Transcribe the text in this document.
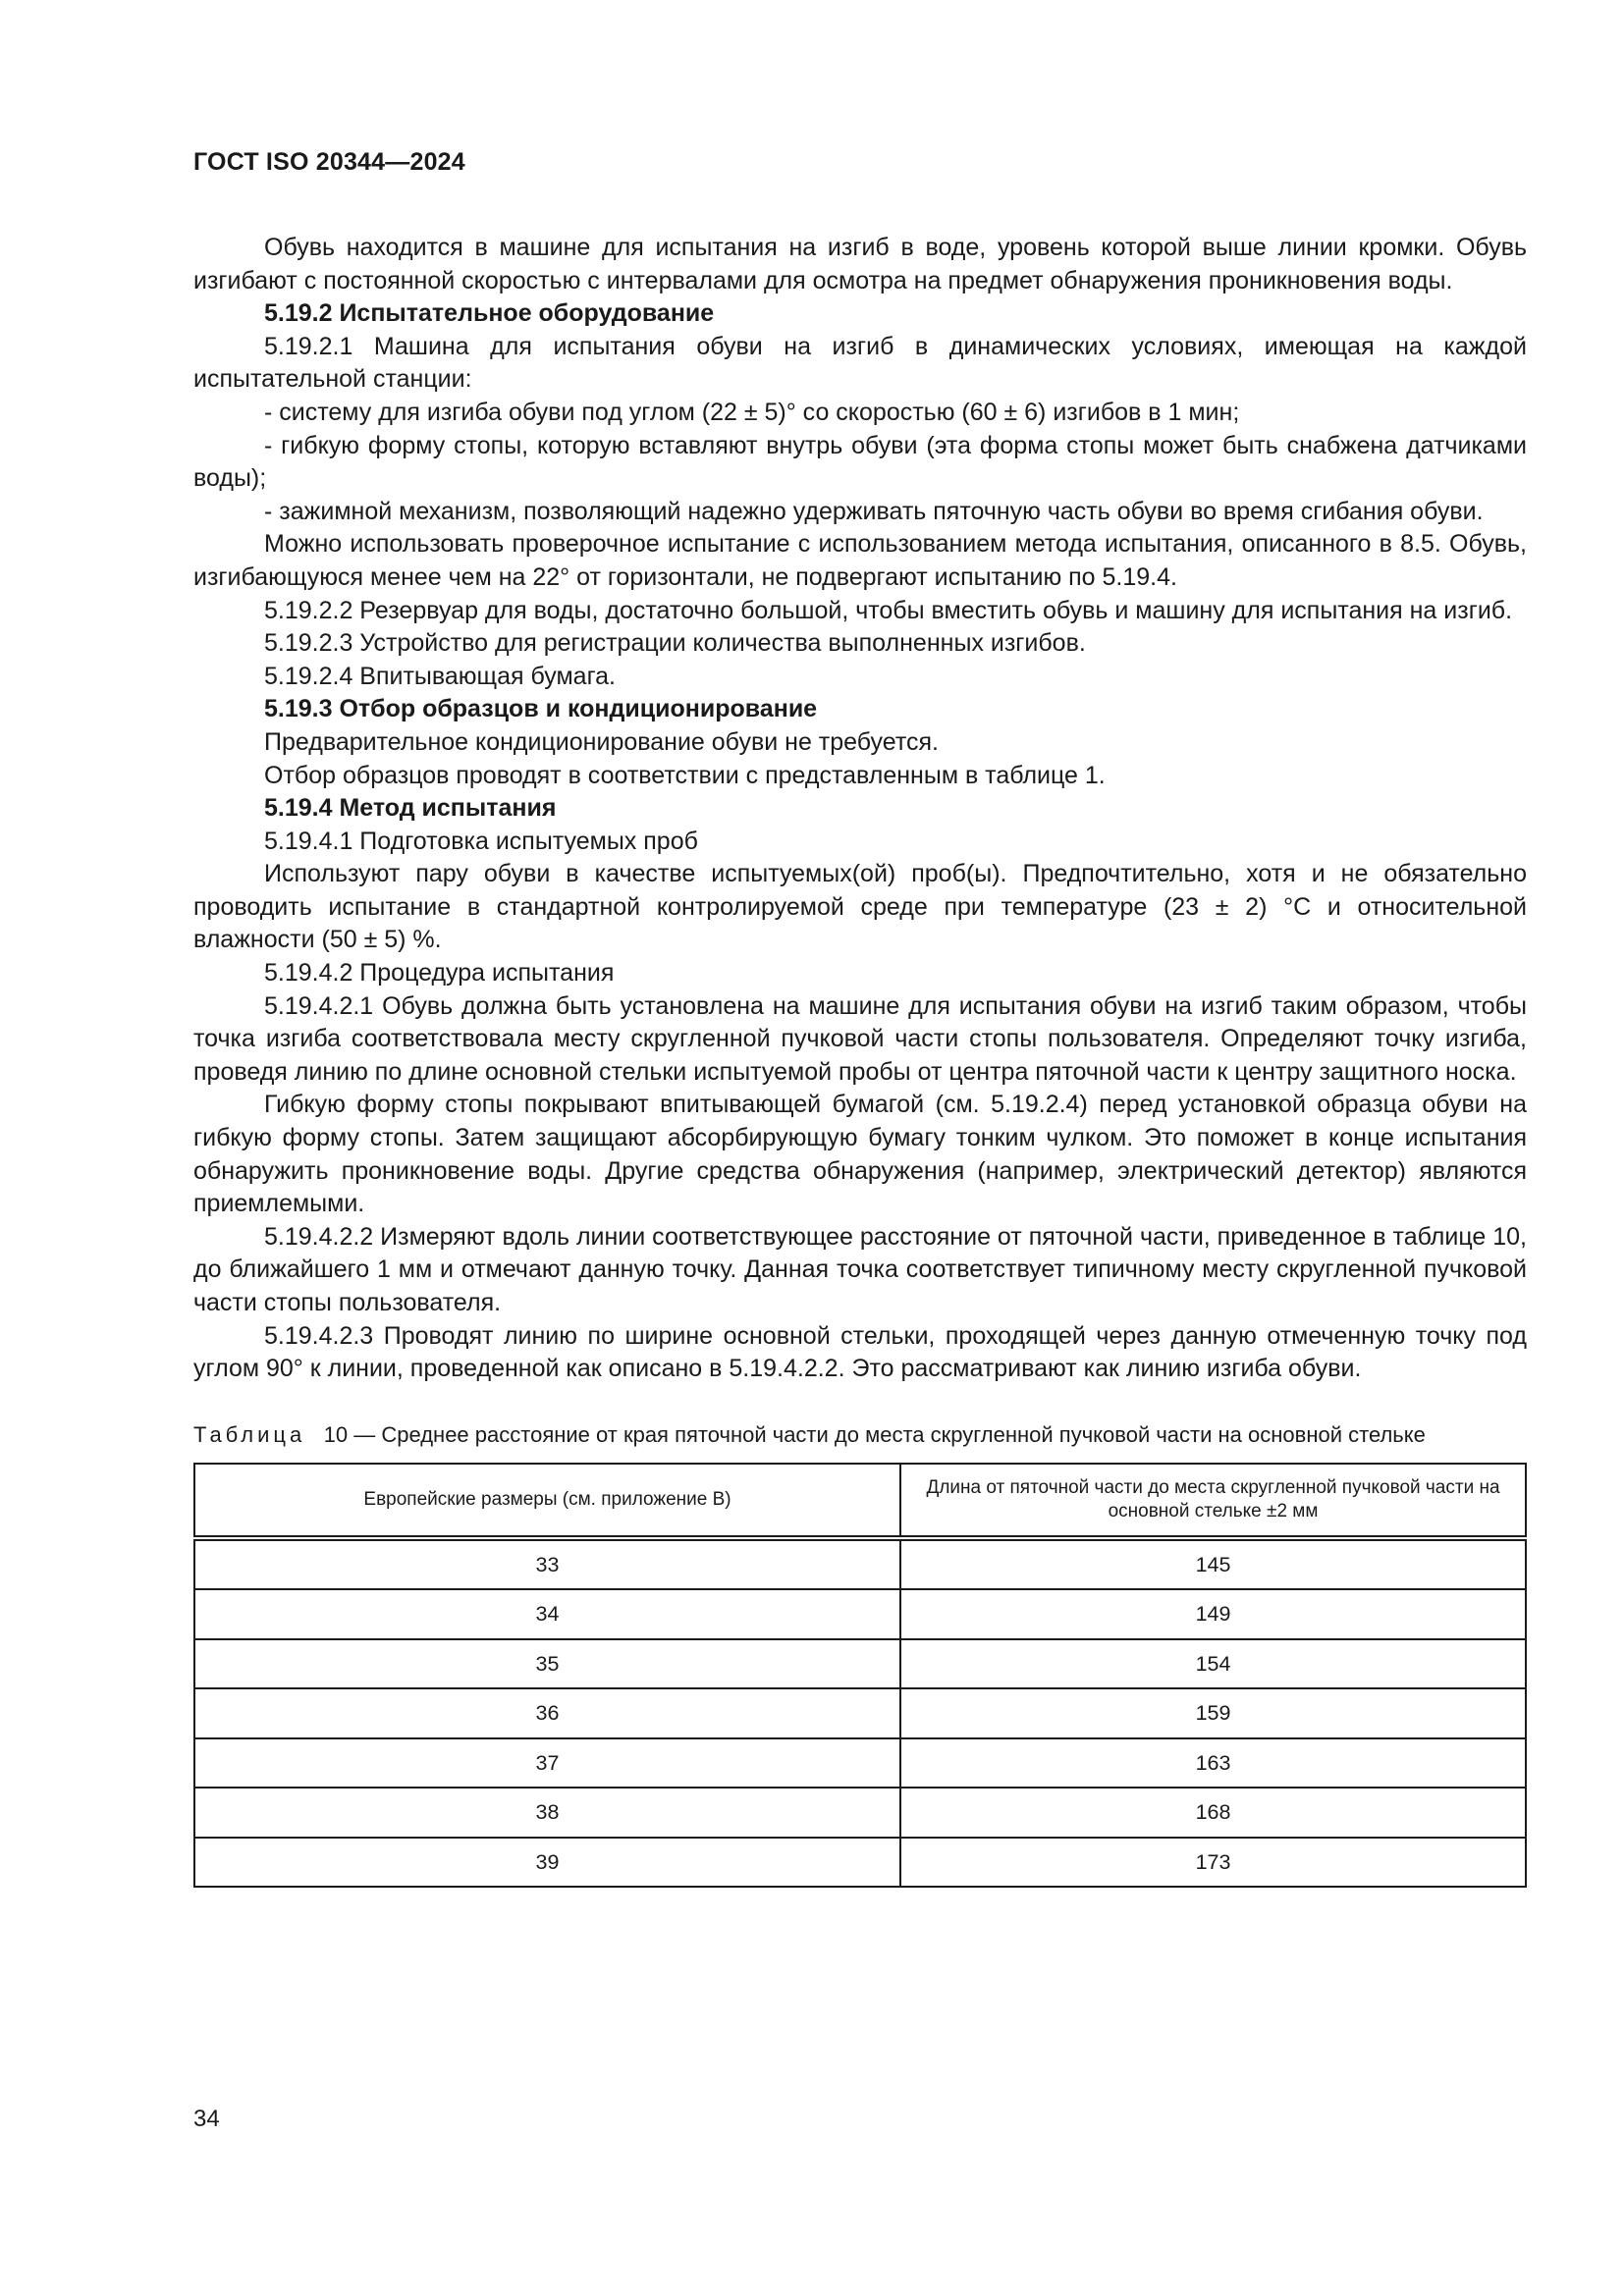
ГОСТ ISO 20344—2024

Обувь находится в машине для испытания на изгиб в воде, уровень которой выше линии кромки. Обувь изгибают с постоянной скоростью с интервалами для осмотра на предмет обнаружения проникновения воды.

5.19.2 Испытательное оборудование

5.19.2.1 Машина для испытания обуви на изгиб в динамических условиях, имеющая на каждой испытательной станции:

- систему для изгиба обуви под углом (22 ± 5)° со скоростью (60 ± 6) изгибов в 1 мин;

- гибкую форму стопы, которую вставляют внутрь обуви (эта форма стопы может быть снабжена датчиками воды);

- зажимной механизм, позволяющий надежно удерживать пяточную часть обуви во время сгибания обуви.

Можно использовать проверочное испытание с использованием метода испытания, описанного в 8.5. Обувь, изгибающуюся менее чем на 22° от горизонтали, не подвергают испытанию по 5.19.4.

5.19.2.2 Резервуар для воды, достаточно большой, чтобы вместить обувь и машину для испытания на изгиб.

5.19.2.3 Устройство для регистрации количества выполненных изгибов.

5.19.2.4 Впитывающая бумага.

5.19.3 Отбор образцов и кондиционирование

Предварительное кондиционирование обуви не требуется.

Отбор образцов проводят в соответствии с представленным в таблице 1.

5.19.4 Метод испытания

5.19.4.1 Подготовка испытуемых проб

Используют пару обуви в качестве испытуемых(ой) проб(ы). Предпочтительно, хотя и не обязательно проводить испытание в стандартной контролируемой среде при температуре (23 ± 2) °С и относительной влажности (50 ± 5) %.

5.19.4.2 Процедура испытания

5.19.4.2.1 Обувь должна быть установлена на машине для испытания обуви на изгиб таким образом, чтобы точка изгиба соответствовала месту скругленной пучковой части стопы пользователя. Определяют точку изгиба, проведя линию по длине основной стельки испытуемой пробы от центра пяточной части к центру защитного носка.

Гибкую форму стопы покрывают впитывающей бумагой (см. 5.19.2.4) перед установкой образца обуви на гибкую форму стопы. Затем защищают абсорбирующую бумагу тонким чулком. Это поможет в конце испытания обнаружить проникновение воды. Другие средства обнаружения (например, электрический детектор) являются приемлемыми.

5.19.4.2.2 Измеряют вдоль линии соответствующее расстояние от пяточной части, приведенное в таблице 10, до ближайшего 1 мм и отмечают данную точку. Данная точка соответствует типичному месту скругленной пучковой части стопы пользователя.

5.19.4.2.3 Проводят линию по ширине основной стельки, проходящей через данную отмеченную точку под углом 90° к линии, проведенной как описано в 5.19.4.2.2. Это рассматривают как линию изгиба обуви.

Таблица 10 — Среднее расстояние от края пяточной части до места скругленной пучковой части на основной стельке
Европейские размеры (см. приложение В)	Длина от пяточной части до места скругленной пучковой части на основной стельке ±2 мм
33	145
34	149
35	154
36	159
37	163
38	168
39	173
34
